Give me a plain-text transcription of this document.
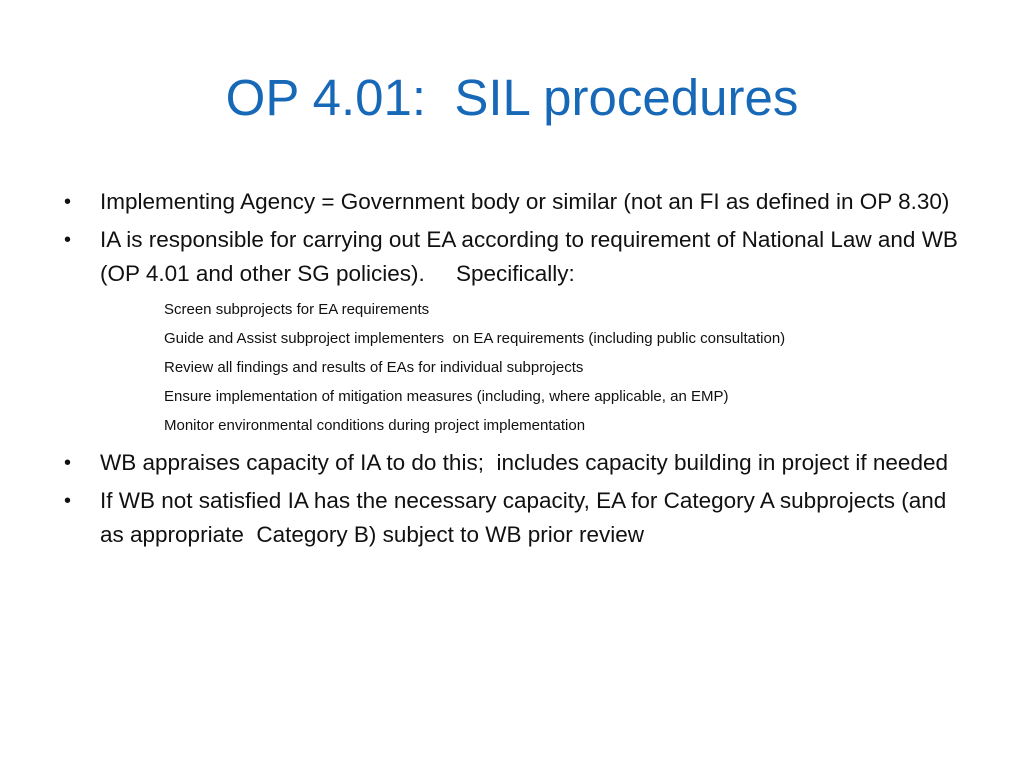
OP 4.01:  SIL procedures
•	Implementing Agency = Government body or similar (not an FI as defined in OP 8.30)
•	IA is responsible for carrying out EA according to requirement of National Law and WB (OP 4.01 and other SG policies).     Specifically:
Screen subprojects for EA requirements
Guide and Assist subproject implementers  on EA requirements (including public consultation)
Review all findings and results of EAs for individual subprojects
Ensure implementation of mitigation measures (including, where applicable, an EMP)
Monitor environmental conditions during project implementation
•	WB appraises capacity of IA to do this;  includes capacity building in project if needed
•	If WB not satisfied IA has the necessary capacity, EA for Category A subprojects (and as appropriate  Category B) subject to WB prior review
